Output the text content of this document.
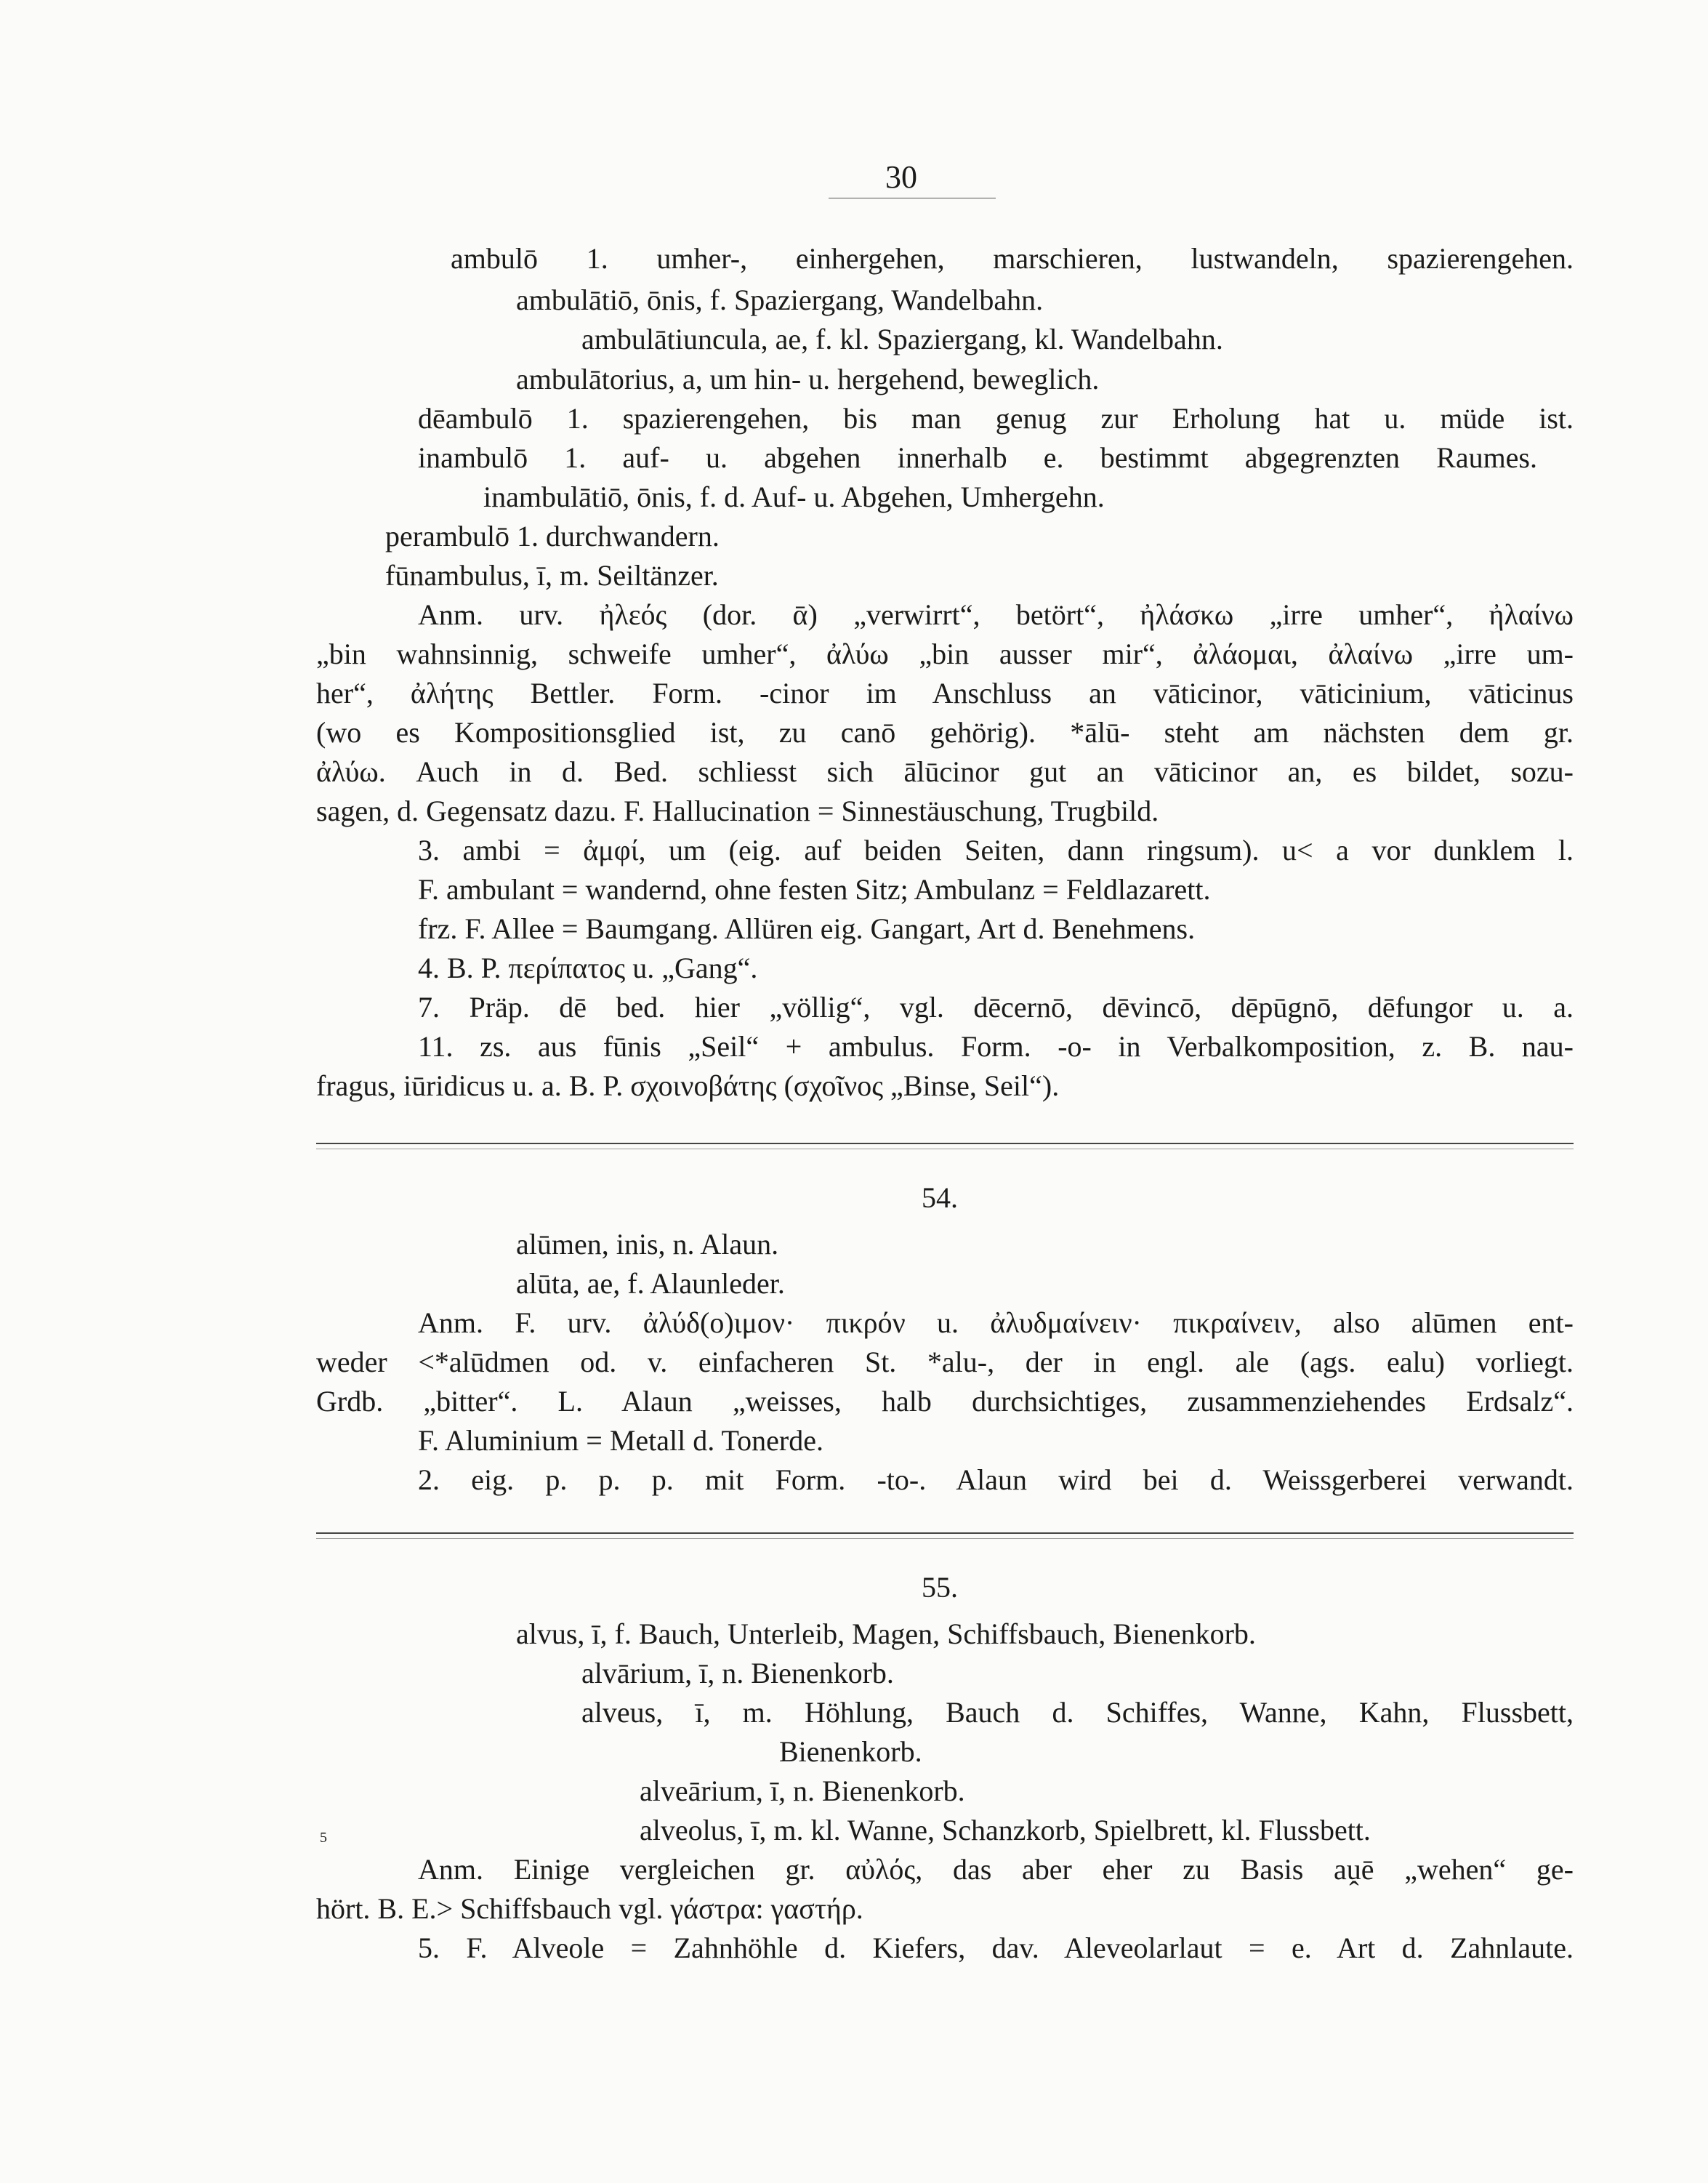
30
ambulō 1. umher-, einhergehen, marschieren, lustwandeln, spazierengehen.
ambulātiō, ōnis, f. Spaziergang, Wandelbahn.
ambulātiuncula, ae, f. kl. Spaziergang, kl. Wandelbahn.
ambulātorius, a, um hin- u. hergehend, beweglich.
dēambulō 1. spazierengehen, bis man genug zur Erholung hat u. müde ist.
inambulō 1. auf- u. abgehen innerhalb e. bestimmt abgegrenzten Raumes.
inambulātiō, ōnis, f. d. Auf- u. Abgehen, Umhergehn.
perambulō 1. durchwandern.
fūnambulus, ī, m. Seiltänzer.
Anm. urv. ἠλεός (dor. ᾱ) „verwirrt“, betört“, ἠλάσκω „irre umher“, ἠλαίνω
„bin wahnsinnig, schweife umher“, ἀλύω „bin ausser mir“, ἀλάομαι, ἀλαίνω „irre um-
her“, ἀλήτης Bettler. Form. -cinor im Anschluss an vāticinor, vāticinium, vāticinus
(wo es Kompositionsglied ist, zu canō gehörig). *ālū- steht am nächsten dem gr.
ἀλύω. Auch in d. Bed. schliesst sich ālūcinor gut an vāticinor an, es bildet, sozu-
sagen, d. Gegensatz dazu. F. Hallucination = Sinnestäuschung, Trugbild.
3. ambi = ἀμφί, um (eig. auf beiden Seiten, dann ringsum). u< a vor dunklem l.
F. ambulant = wandernd, ohne festen Sitz; Ambulanz = Feldlazarett.
frz. F. Allee = Baumgang. Allüren eig. Gangart, Art d. Benehmens.
4. B. P. περίπατος u. „Gang“.
7. Präp. dē bed. hier „völlig“, vgl. dēcernō, dēvincō, dēpūgnō, dēfungor u. a.
11. zs. aus fūnis „Seil“ + ambulus. Form. -o- in Verbalkomposition, z. B. nau-
fragus, iūridicus u. a. B. P. σχοινοβάτης (σχοῖνος „Binse, Seil“).
54.
alūmen, inis, n. Alaun.
alūta, ae, f. Alaunleder.
Anm. F. urv. ἀλύδ(ο)ιμον· πικρόν u. ἀλυδμαίνειν· πικραίνειν, also alūmen ent-
weder <*alūdmen od. v. einfacheren St. *alu-, der in engl. ale (ags. ealu) vorliegt.
Grdb. „bitter“. L. Alaun „weisses, halb durchsichtiges, zusammenziehendes Erdsalz“.
F. Aluminium = Metall d. Tonerde.
2. eig. p. p. p. mit Form. -to-. Alaun wird bei d. Weissgerberei verwandt.
55.
alvus, ī, f. Bauch, Unterleib, Magen, Schiffsbauch, Bienenkorb.
alvārium, ī, n. Bienenkorb.
alveus, ī, m. Höhlung, Bauch d. Schiffes, Wanne, Kahn, Flussbett,
Bienenkorb.
alveārium, ī, n. Bienenkorb.
5	alveolus, ī, m. kl. Wanne, Schanzkorb, Spielbrett, kl. Flussbett.
Anm. Einige vergleichen gr. αὐλός, das aber eher zu Basis aṷē „wehen“ ge-
hört. B. E.> Schiffsbauch vgl. γάστρα: γαστήρ.
5. F. Alveole = Zahnhöhle d. Kiefers, dav. Aleveolarlaut = e. Art d. Zahnlaute.
